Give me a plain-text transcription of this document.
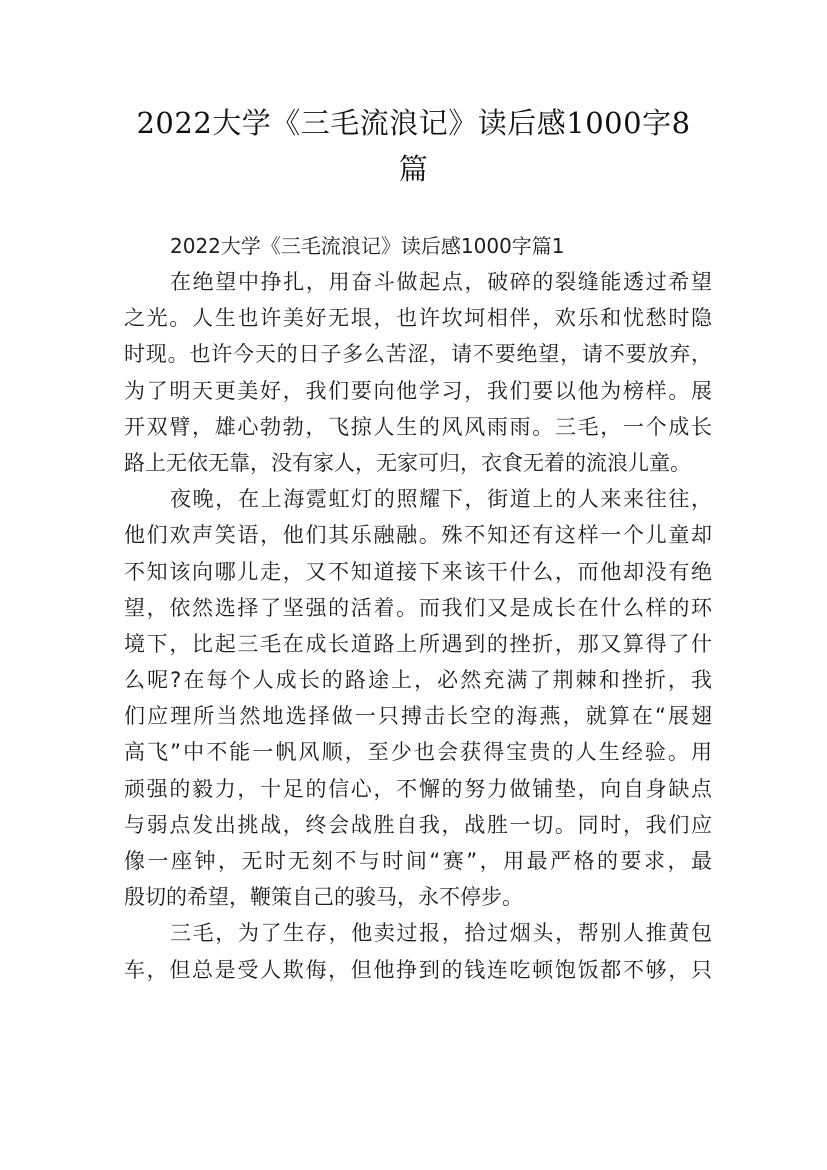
2022大学《三毛流浪记》读后感1000字8
篇

2022大学《三毛流浪记》读后感1000字篇1

在绝望中挣扎，用奋斗做起点，破碎的裂缝能透过希望
之光。人生也许美好无垠，也许坎坷相伴，欢乐和忧愁时隐
时现。也许今天的日子多么苦涩，请不要绝望，请不要放弃，
为了明天更美好，我们要向他学习，我们要以他为榜样。展
开双臂，雄心勃勃，飞掠人生的风风雨雨。三毛，一个成长
路上无依无靠，没有家人，无家可归，衣食无着的流浪儿童。
夜晚，在上海霓虹灯的照耀下，街道上的人来来往往，
他们欢声笑语，他们其乐融融。殊不知还有这样一个儿童却
不知该向哪儿走，又不知道接下来该干什么，而他却没有绝
望，依然选择了坚强的活着。而我们又是成长在什么样的环
境下，比起三毛在成长道路上所遇到的挫折，那又算得了什
么呢?在每个人成长的路途上，必然充满了荆棘和挫折，我
们应理所当然地选择做一只搏击长空的海燕，就算在“展翅
高飞”中不能一帆风顺，至少也会获得宝贵的人生经验。用
顽强的毅力，十足的信心，不懈的努力做铺垫，向自身缺点
与弱点发出挑战，终会战胜自我，战胜一切。同时，我们应
像一座钟，无时无刻不与时间“赛”，用最严格的要求，最
殷切的希望，鞭策自己的骏马，永不停步。
三毛，为了生存，他卖过报，拾过烟头，帮别人推黄包
车，但总是受人欺侮，但他挣到的钱连吃顿饱饭都不够，只
